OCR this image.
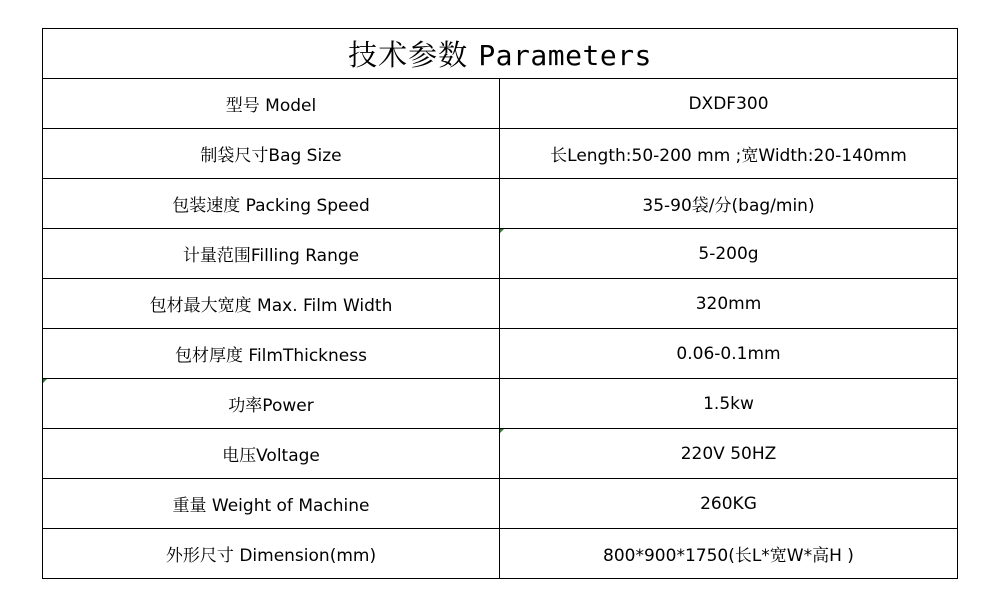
技术参数 Parameters	
型号 Model	DXDF300
制袋尺寸Bag Size	长Length:50-200 mm ;宽Width:20-140mm
包装速度 Packing Speed	35-90袋/分(bag/min)
计量范围Filling Range	5-200g
包材最大宽度 Max. Film Width	320mm
包材厚度 FilmThickness	0.06-0.1mm
功率Power	1.5kw
电压Voltage	220V 50HZ
重量 Weight of Machine	260KG
外形尺寸 Dimension(mm)	800*900*1750(长L*宽W*高H )
